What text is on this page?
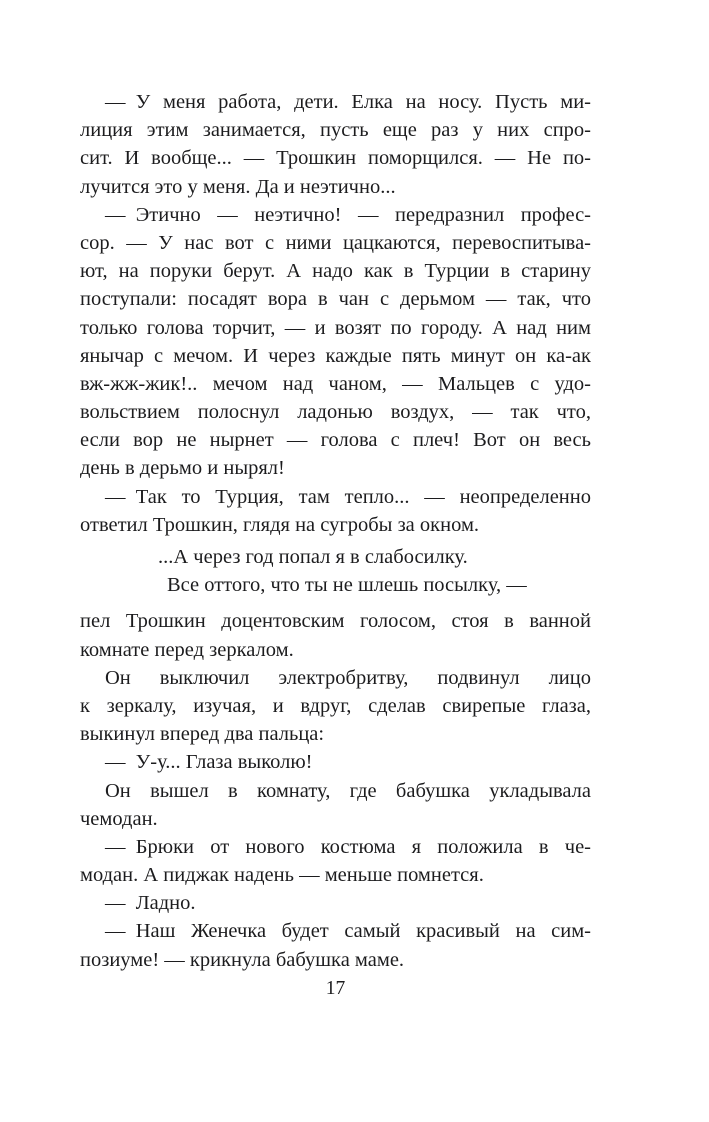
— У меня работа, дети. Елка на носу. Пусть ми-
лиция этим занимается, пусть еще раз у них спро-
сит. И вообще... — Трошкин поморщился. — Не по-
лучится это у меня. Да и неэтично...
— Этично — неэтично! — передразнил профес-
сор. — У нас вот с ними цацкаются, перевоспитыва-
ют, на поруки берут. А надо как в Турции в старину
поступали: посадят вора в чан с дерьмом — так, что
только голова торчит, — и возят по городу. А над ним
янычар с мечом. И через каждые пять минут он ка-ак
вж-жж-жик!.. мечом над чаном, — Мальцев с удо-
вольствием полоснул ладонью воздух, — так что,
если вор не нырнет — голова с плеч! Вот он весь
день в дерьмо и нырял!
— Так то Турция, там тепло... — неопределенно
ответил Трошкин, глядя на сугробы за окном.
...А через год попал я в слабосилку.
Все оттого, что ты не шлешь посылку, —
пел Трошкин доцентовским голосом, стоя в ванной
комнате перед зеркалом.
Он выключил электробритву, подвинул лицо
к зеркалу, изучая, и вдруг, сделав свирепые глаза,
выкинул вперед два пальца:
— У-у... Глаза выколю!
Он вышел в комнату, где бабушка укладывала
чемодан.
— Брюки от нового костюма я положила в че-
модан. А пиджак надень — меньше помнется.
— Ладно.
— Наш Женечка будет самый красивый на сим-
позиуме! — крикнула бабушка маме.
17
